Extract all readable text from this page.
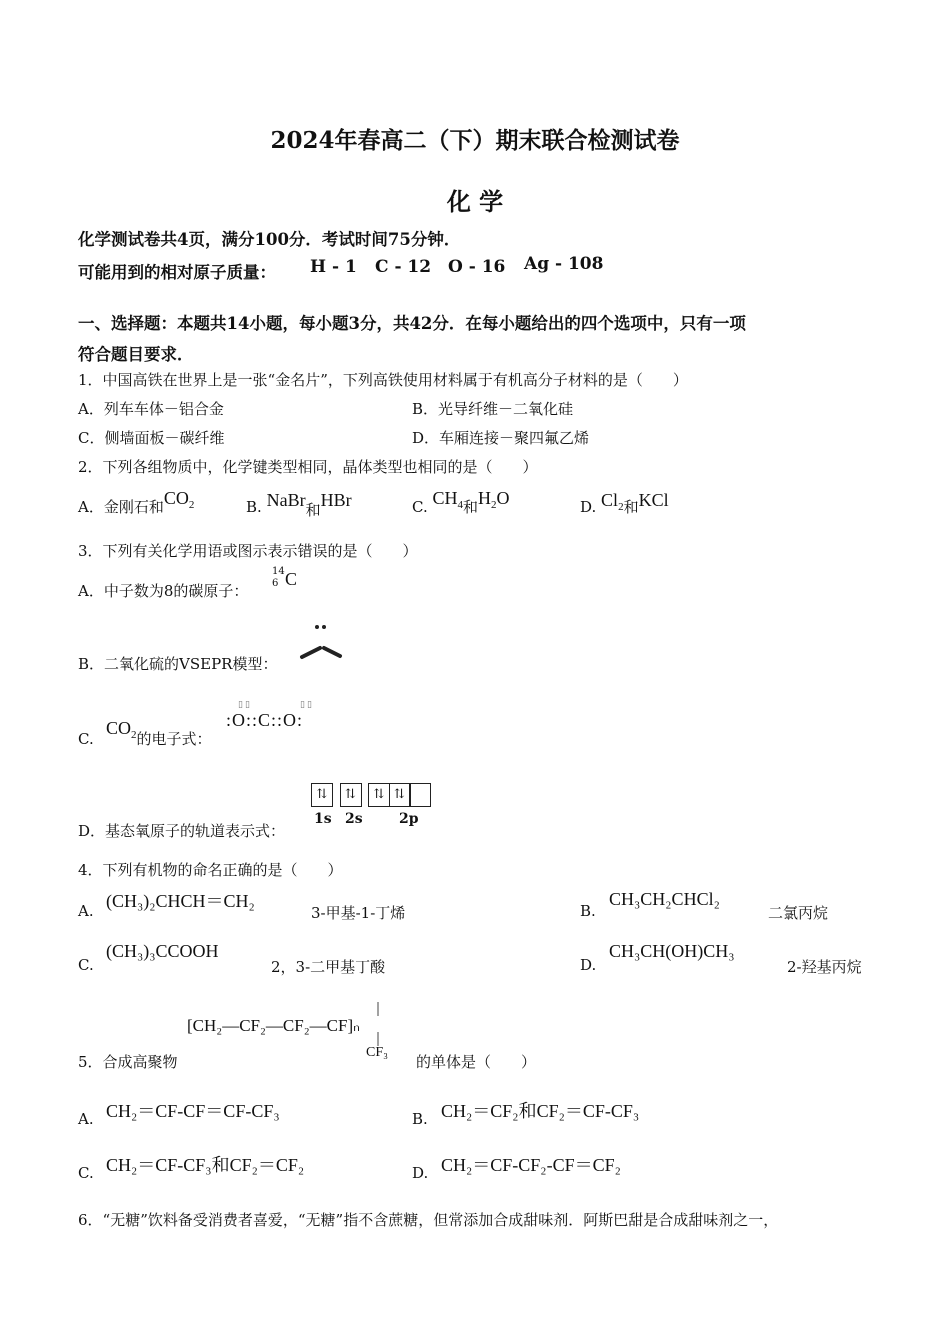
2024年春高二（下）期末联合检测试卷
化 学
化学测试卷共4页，满分100分．考试时间75分钟．
可能用到的相对原子质量： H - 1 C - 12 O - 16 Ag - 108
一、选择题：本题共14小题，每小题3分，共42分．在每小题给出的四个选项中，只有一项
符合题目要求．
1．中国高铁在世界上是一张“金名片”，下列高铁使用材料属于有机高分子材料的是（　　）
A．列车车体－铝合金	B．光导纤维－二氧化硅
C．侧墙面板－碳纤维	D．车厢连接－聚四氟乙烯
2．下列各组物质中，化学键类型相同，晶体类型也相同的是（　　）
A．金刚石和$CO_2$	B. NaBr和HBr	C. $CH_4$和$H_2O$	D. $Cl_2$和KCl
3．下列有关化学用语或图示表示错误的是（　　）
A．中子数为8的碳原子：
14
6 C
B．二氧化硫的VSEPR模型：
C.
$CO_2$的电子式：
▯▯	▯▯
:O::C::O:
D．基态氧原子的轨道表示式：
⇅ ⇅ ⇅ ⇅
1s 2s	2p
4．下列有机物的命名正确的是（　　）
A. (CH₃)₂CHCH＝CH₂
3-甲基-1-丁烯	B.
CH₃CH₂CHCl₂
二氯丙烷
C.
(CH₃)₃CCOOH
2，3-二甲基丁酸	D.
CH₃CH(OH)CH₃
2-羟基丙烷
5．合成高聚物
[CH₂—CF₂—CF₂—CF]ₙ
CF₃
的单体是（　　）
A. CH₂＝CF-CF＝CF-CF₃	B. CH₂＝CF₂和CF₂＝CF-CF₃
C. CH₂＝CF-CF₃和CF₂＝CF₂	D. CH₂＝CF-CF₂-CF＝CF₂
6．“无糖”饮料备受消费者喜爱，“无糖”指不含蔗糖，但常添加合成甜味剂．阿斯巴甜是合成甜味剂之一，
